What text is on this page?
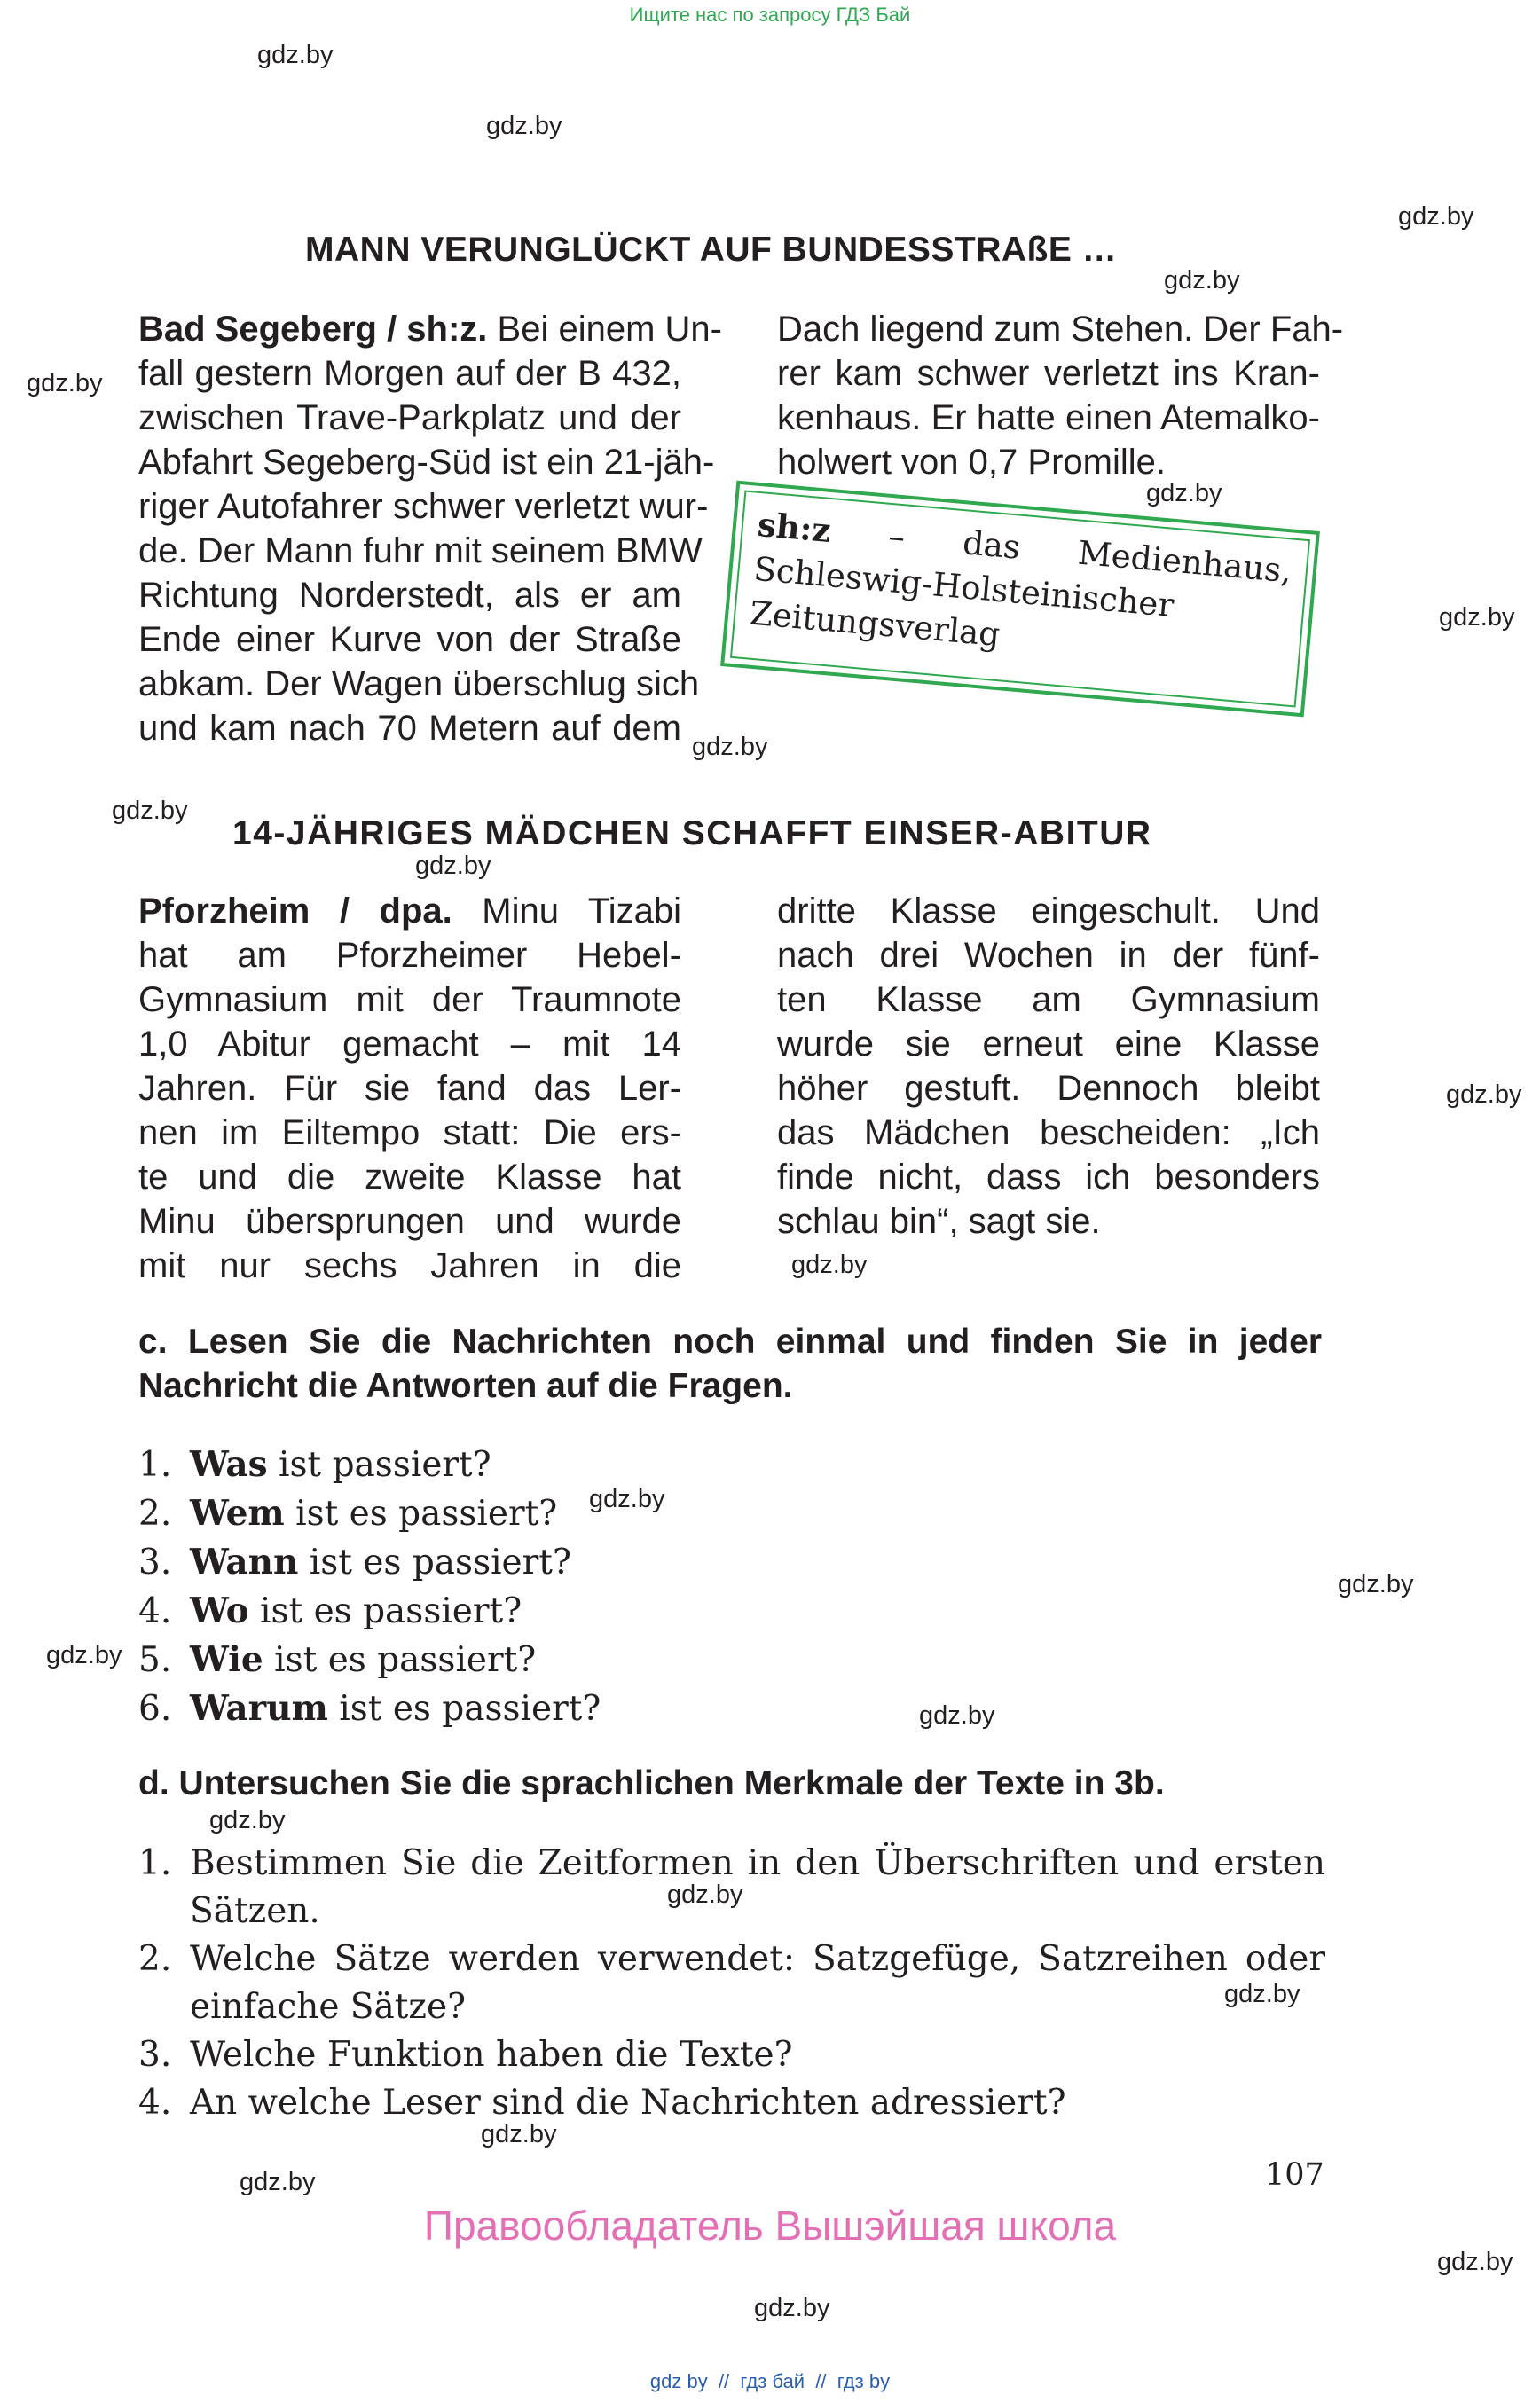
Ищите нас по запросу ГДЗ Бай
gdz.by
gdz.by
gdz.by
gdz.by
gdz.by
gdz.by
gdz.by
gdz.by
gdz.by
gdz.by
gdz.by
gdz.by
gdz.by
gdz.by
gdz.by
gdz.by
gdz.by
gdz.by
gdz.by
gdz.by
gdz.by
gdz.by
gdz.by
MANN VERUNGLÜCKT AUF BUNDESSTRAßE …
Bad Segeberg / sh:z. Bei einem Un-
fall gestern Morgen auf der B 432,
zwischen Trave-Parkplatz und der
Abfahrt Segeberg-Süd ist ein 21-jäh-
riger Autofahrer schwer verletzt wur-
de. Der Mann fuhr mit seinem BMW
Richtung Norderstedt, als er am
Ende einer Kurve von der Straße
abkam. Der Wagen überschlug sich
und kam nach 70 Metern auf dem
Dach liegend zum Stehen. Der Fah-
rer kam schwer verletzt ins Kran-
kenhaus. Er hatte einen Atemalko-
holwert von 0,7 Promille.
sh:z – das Medienhaus, Schleswig-Holsteinischer Zeitungsverlag
14-JÄHRIGES MÄDCHEN SCHAFFT EINSER-ABITUR
Pforzheim / dpa. Minu Tizabi
hat am Pforzheimer Hebel-
Gymnasium mit der Traumnote
1,0 Abitur gemacht – mit 14
Jahren. Für sie fand das Ler-
nen im Eiltempo statt: Die ers-
te und die zweite Klasse hat
Minu übersprungen und wurde
mit nur sechs Jahren in die
dritte Klasse eingeschult. Und
nach drei Wochen in der fünf-
ten Klasse am Gymnasium
wurde sie erneut eine Klasse
höher gestuft. Dennoch bleibt
das Mädchen bescheiden: „Ich
finde nicht, dass ich besonders
schlau bin“, sagt sie.
c. Lesen Sie die Nachrichten noch einmal und finden Sie in jeder Nachricht die Antworten auf die Fragen.
1. Was ist passiert?
2. Wem ist es passiert?
3. Wann ist es passiert?
4. Wo ist es passiert?
5. Wie ist es passiert?
6. Warum ist es passiert?
d. Untersuchen Sie die sprachlichen Merkmale der Texte in 3b.
1. Bestimmen Sie die Zeitformen in den Überschriften und ersten Sätzen.
2. Welche Sätze werden verwendet: Satzgefüge, Satzreihen oder einfache Sätze?
3. Welche Funktion haben die Texte?
4. An welche Leser sind die Nachrichten adressiert?
107
Правообладатель Вышэйшая школа
gdz by  //  гдз бай  //  гдз by
